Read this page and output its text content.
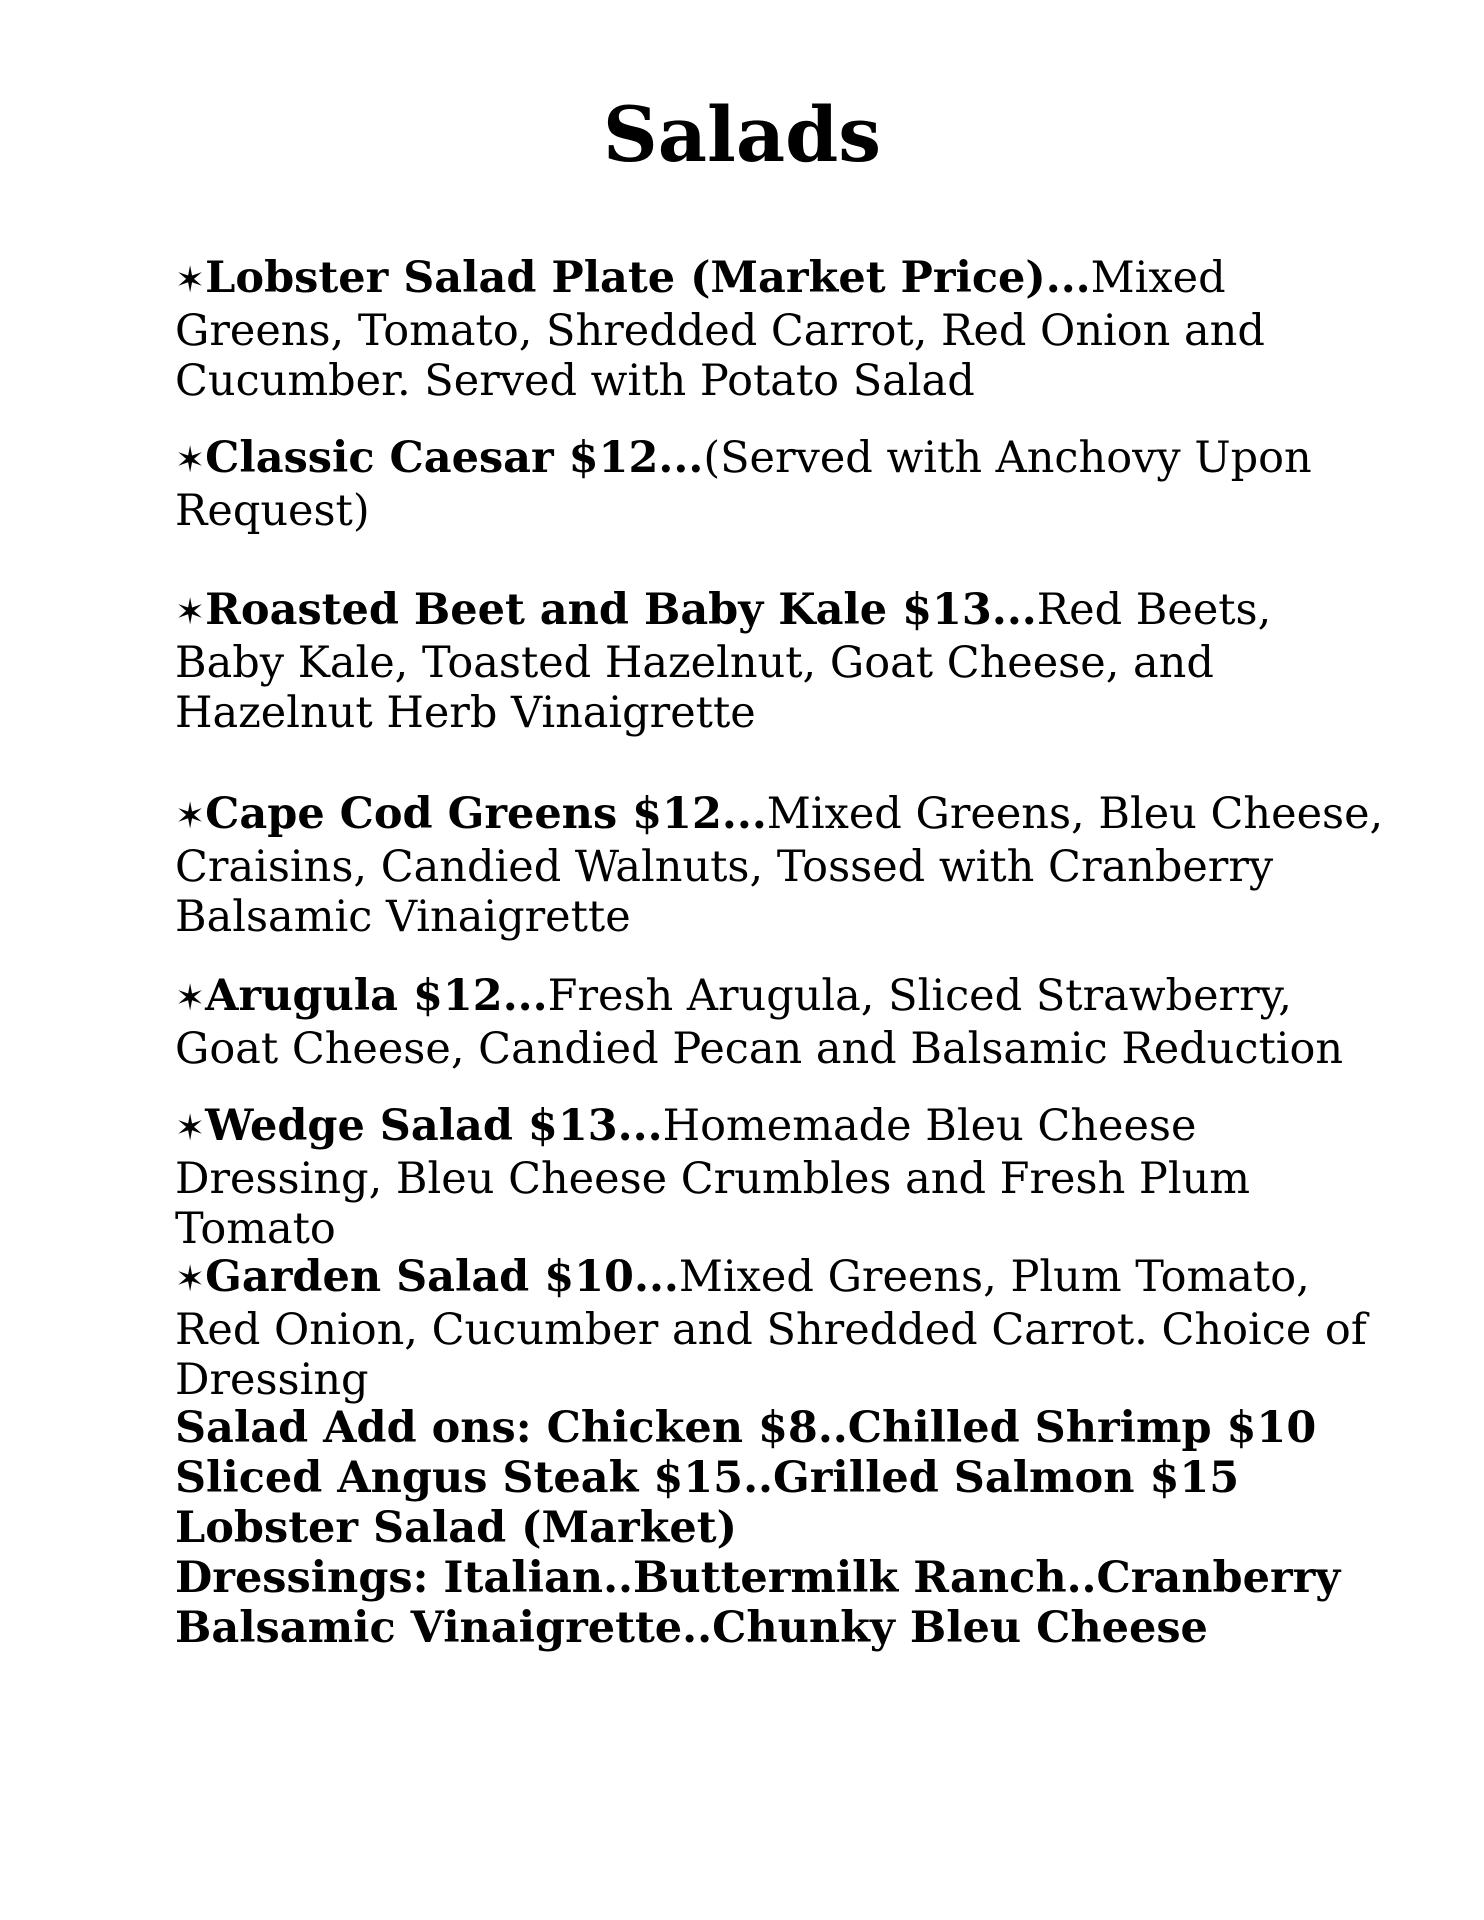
Salads
✶Lobster Salad Plate (Market Price)...Mixed
Greens, Tomato, Shredded Carrot, Red Onion and
Cucumber. Served with Potato Salad
✶Classic Caesar $12...(Served with Anchovy Upon
Request)
✶Roasted Beet and Baby Kale $13...Red Beets,
Baby Kale, Toasted Hazelnut, Goat Cheese, and
Hazelnut Herb Vinaigrette
✶Cape Cod Greens $12...Mixed Greens, Bleu Cheese,
Craisins, Candied Walnuts, Tossed with Cranberry
Balsamic Vinaigrette
✶Arugula $12...Fresh Arugula, Sliced Strawberry,
Goat Cheese, Candied Pecan and Balsamic Reduction
✶Wedge Salad $13...Homemade Bleu Cheese
Dressing, Bleu Cheese Crumbles and Fresh Plum
Tomato
✶Garden Salad $10...Mixed Greens, Plum Tomato,
Red Onion, Cucumber and Shredded Carrot. Choice of
Dressing
Salad Add ons: Chicken $8..Chilled Shrimp $10
Sliced Angus Steak $15..Grilled Salmon $15
Lobster Salad (Market)
Dressings: Italian..Buttermilk Ranch..Cranberry
Balsamic Vinaigrette..Chunky Bleu Cheese
